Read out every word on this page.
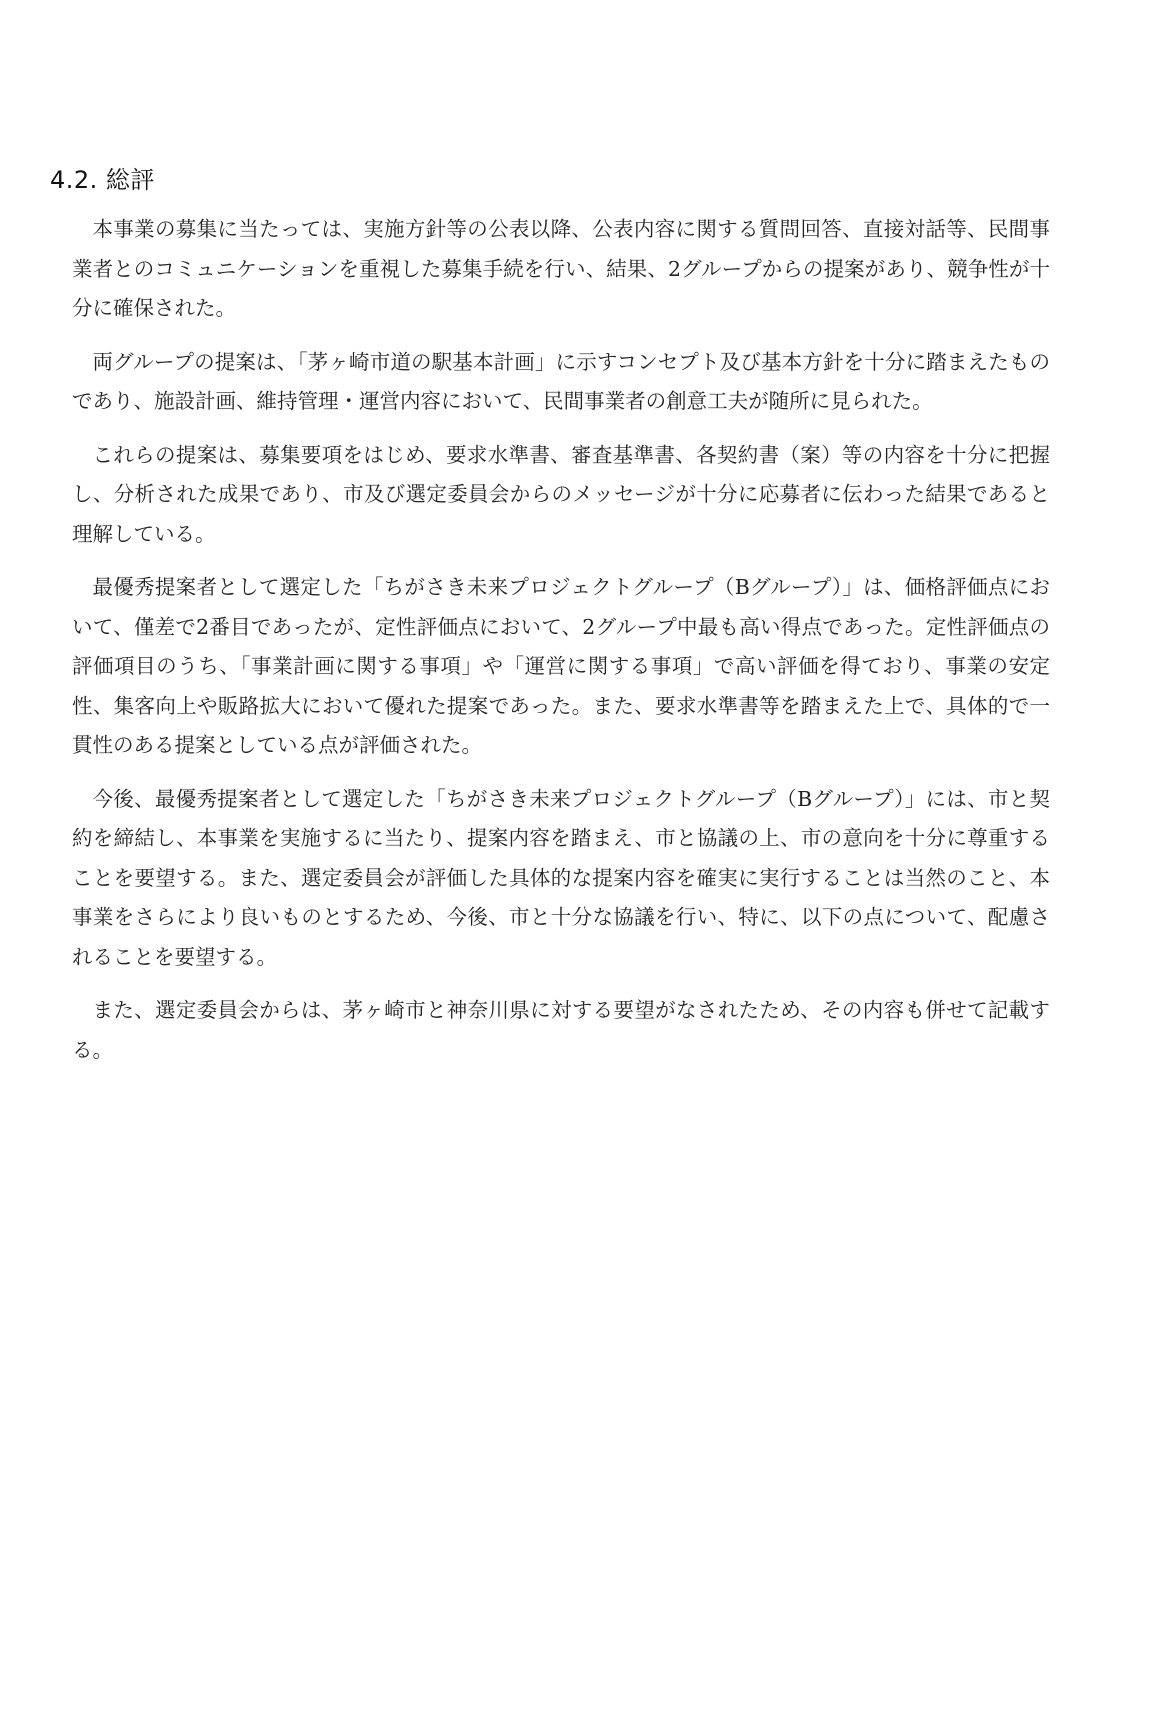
4.2. 総評

本事業の募集に当たっては、実施方針等の公表以降、公表内容に関する質問回答、直接対話等、民間事業者とのコミュニケーションを重視した募集手続を行い、結果、2グループからの提案があり、競争性が十分に確保された。

両グループの提案は、「茅ヶ崎市道の駅基本計画」に示すコンセプト及び基本方針を十分に踏まえたものであり、施設計画、維持管理・運営内容において、民間事業者の創意工夫が随所に見られた。

これらの提案は、募集要項をはじめ、要求水準書、審査基準書、各契約書（案）等の内容を十分に把握し、分析された成果であり、市及び選定委員会からのメッセージが十分に応募者に伝わった結果であると理解している。

最優秀提案者として選定した「ちがさき未来プロジェクトグループ（Bグループ）」は、価格評価点において、僅差で2番目であったが、定性評価点において、2グループ中最も高い得点であった。定性評価点の評価項目のうち、「事業計画に関する事項」や「運営に関する事項」で高い評価を得ており、事業の安定性、集客向上や販路拡大において優れた提案であった。また、要求水準書等を踏まえた上で、具体的で一貫性のある提案としている点が評価された。

今後、最優秀提案者として選定した「ちがさき未来プロジェクトグループ（Bグループ）」には、市と契約を締結し、本事業を実施するに当たり、提案内容を踏まえ、市と協議の上、市の意向を十分に尊重することを要望する。また、選定委員会が評価した具体的な提案内容を確実に実行することは当然のこと、本事業をさらにより良いものとするため、今後、市と十分な協議を行い、特に、以下の点について、配慮されることを要望する。

また、選定委員会からは、茅ヶ崎市と神奈川県に対する要望がなされたため、その内容も併せて記載する。
